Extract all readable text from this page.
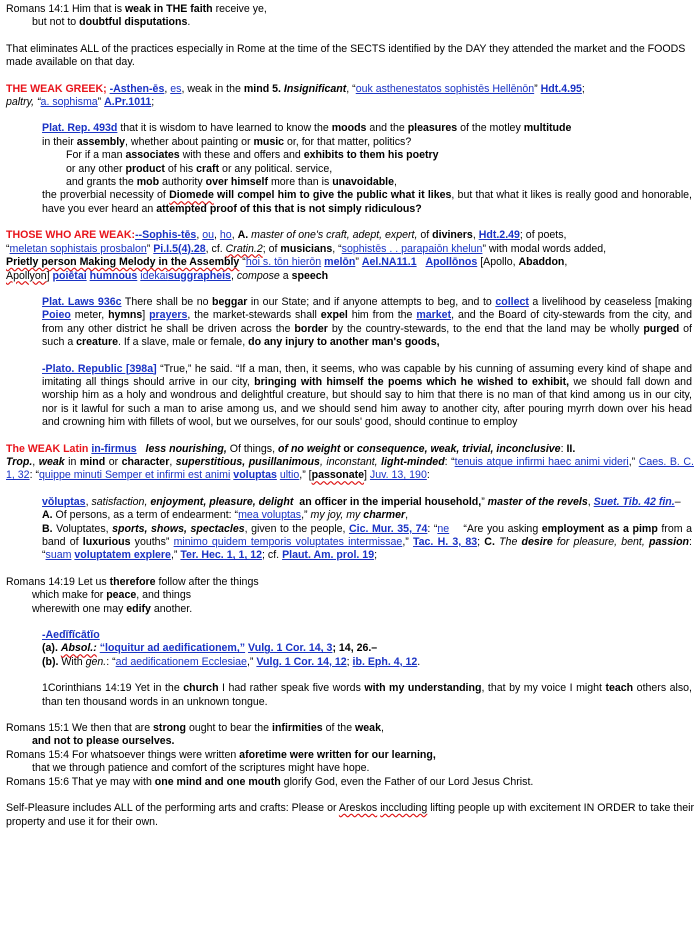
Romans 14:1 Him that is weak in THE faith receive ye,

but not to doubtful disputations.

That eliminates ALL of the practices especially in Rome at the time of the SECTS identified by the DAY they attended the market and the FOODS made available on that day.

THE WEAK GREEK; -Asthen-ēs, es, weak in the mind 5. Insignificant, “ouk asthenestatos sophistēs Hellēnōn” Hdt.4.95;
paltry, “a. sophisma” A.Pr.1011;

Plat. Rep. 493d that it is wisdom to have learned to know the moods and the pleasures of the motley multitude
in their assembly, whether about painting or music or, for that matter, politics?

For if a man associates with these and offers and exhibits to them his poetry

or any other product of his craft or any political. service,

and grants the mob authority over himself more than is unavoidable,

the proverbial necessity of Diomede will compel him to give the public what it likes, but that what it likes is really good and honorable, have you ever heard an attempted proof of this that is not simply ridiculous?

THOSE WHO ARE WEAK:--Sophis-tēs, ou, ho, A. master of one's craft, adept, expert, of diviners, Hdt.2.49; of poets,
“meletan sophistais prosbalon” Pi.I.5(4).28, cf. Cratin.2; of musicians, “sophistēs . . parapaiōn khelun” with modal words added,
Prietly person Making Melody in the Assembly “hoi s. tōn hierōn melōn” Ael.NA11.1 Apollōnos [Apollo, Abaddon,
Apollyon] poiētai humnous idekaisuggrapheis, compose a speech

Plat. Laws 936c There shall be no beggar in our State; and if anyone attempts to beg, and to collect a livelihood by ceaseless [making Poieo meter, hymns] prayers, the market-stewards shall expel him from the market, and the Board of city-stewards from the city, and from any other district he shall be driven across the border by the country-stewards, to the end that the land may be wholly purged of such a creature. If a slave, male or female, do any injury to another man's goods,

-Plato. Republic [398a] “True,” he said. “If a man, then, it seems, who was capable by his cunning of assuming every kind of shape and imitating all things should arrive in our city, bringing with himself the poems which he wished to exhibit, we should fall down and worship him as a holy and wondrous and delightful creature, but should say to him that there is no man of that kind among us in our city, nor is it lawful for such a man to arise among us, and we should send him away to another city, after pouring myrrh down over his head and crowning him with fillets of wool, but we ourselves, for our souls' good, should continue to employ

The WEAK Latin in-firmus less nourishing, Of things, of no weight or consequence, weak, trivial, inconclusive: II.
Trop., weak in mind or character, superstitious, pusillanimous, inconstant, light-minded: “tenuis atque infirmi haec animi videri,” Caes. B. C. 1, 32: “quippe minuti Semper et infirmi est animi voluptas ultio,” [passonate] Juv. 13, 190:

vŏluptas, satisfaction, enjoyment, pleasure, delight an officer in the imperial household,” master of the revels, Suet. Tib. 42 fin.–

A. Of persons, as a term of endearment: “mea voluptas,” my joy, my charmer,

B. Voluptates, sports, shows, spectacles, given to the people, Cic. Mur. 35, 74: “ne “Are you asking employment as a pimp from a band of luxurious youths” minimo quidem temporis voluptates intermissae,” Tac. H. 3, 83; C. The desire for pleasure, bent, passion: “suam voluptatem explere,” Ter. Hec. 1, 1, 12; cf. Plaut. Am. prol. 19;

Romans 14:19 Let us therefore follow after the things

which make for peace, and things

wherewith one may edify another.

-Aedĭfĭcātĭo

(a). Absol.: “loquitur ad aedificationem,” Vulg. 1 Cor. 14, 3; 14, 26.–

(b). With gen.: “ad aedificationem Ecclesiae,” Vulg. 1 Cor. 14, 12; ib. Eph. 4, 12.

1Corinthians 14:19 Yet in the church I had rather speak five words with my understanding, that by my voice I might teach others also, than ten thousand words in an unknown tongue.

Romans 15:1 We then that are strong ought to bear the infirmities of the weak,

and not to please ourselves.

Romans 15:4 For whatsoever things were written aforetime were written for our learning,

that we through patience and comfort of the scriptures might have hope.

Romans 15:6 That ye may with one mind and one mouth glorify God, even the Father of our Lord Jesus Christ.

Self-Pleasure includes ALL of the performing arts and crafts: Please or Areskos inccluding lifting people up with excitement IN ORDER to take their property and use it for their own.
